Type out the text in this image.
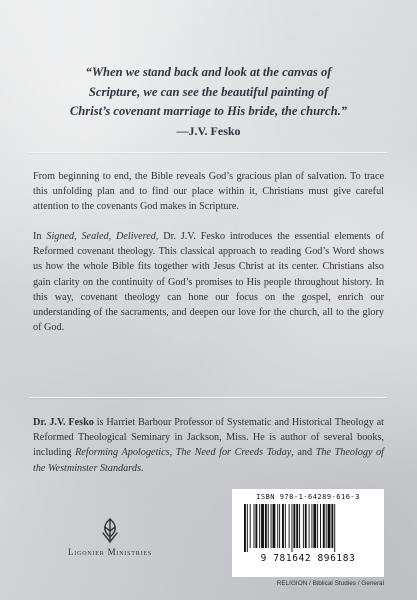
“When we stand back and look at the canvas of
Scripture, we can see the beautiful painting of
Christ’s covenant marriage to His bride, the church.”
—J.V. Fesko

From beginning to end, the Bible reveals God’s gracious plan of salvation. To trace this unfolding plan and to find our place within it, Christians must give careful attention to the covenants God makes in Scripture.

In Signed, Sealed, Delivered, Dr. J.V. Fesko introduces the essential elements of Reformed covenant theology. This classical approach to reading God’s Word shows us how the whole Bible fits together with Jesus Christ at its center. Christians also gain clarity on the continuity of God’s promises to His people throughout history. In this way, covenant theology can hone our focus on the gospel, enrich our understanding of the sacraments, and deepen our love for the church, all to the glory of God.

Dr. J.V. Fesko is Harriet Barbour Professor of Systematic and Historical Theology at Reformed Theological Seminary in Jackson, Miss. He is author of several books, including Reforming Apologetics, The Need for Creeds Today, and The Theology of the Westminster Standards.

Ligonier Ministries
ISBN 978-1-64289-616-3
9 781642 896183
RELIGION / Biblical Studies / General
